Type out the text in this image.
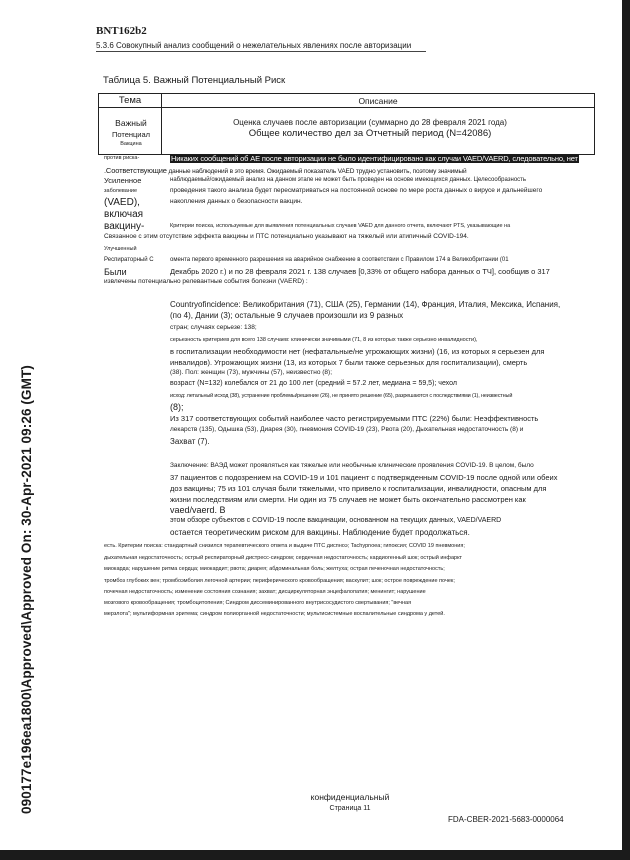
BNT162b2
5.3.6 Совокупный анализ сообщений о нежелательных явлениях после авторизации
090177e196ea1800\Approved\Approved On: 30-Apr-2021 09:26 (GMT)
Таблица 5. Важный Потенциальный Риск
Тема	Описание
Важный
Потенциал
Вакцина
Оценка случаев после авторизации (суммарно до 28 февраля 2021 года)
Общее количество дел за Отчетный период (N=42086)
против риска-
Усиленное
заболевание
(VAED),
включая
вакцину-
Улучшенный
Респираторный С
Были
Никаких сообщений об AE после авторизации не было идентифицировано как случаи VAED/VAERD, следовательно, нет
.Соответствующие данные наблюдений в это время. Ожидаемый показатель VAED трудно установить, поэтому значимый
наблюдаемый/ожидаемый анализ на данном этапе не может быть проведен на основе имеющихся данных. Целесообразность
проведения такого анализа будет пересматриваться на постоянной основе по мере роста данных о вирусе и дальнейшего
накопления данных о безопасности вакцин.
Критерии поиска, используемые для выявления потенциальных случаев VAED для данного отчета, включают PTS, указывающие на
Связанное с этим отсутствие эффекта вакцины и ПТС потенциально указывают на тяжелый или атипичный COVID-194.
омента первого временного разрешения на аварийное снабжение в соответствии с Правилом 174 в Великобритании (01
Декабрь 2020 г.) и по 28 февраля 2021 г. 138 случаев [0,33% от общего набора данных о ТЧ], сообщив о 317
извлечены потенциально релевантные события болезни (VAERD) :
Countryofincidence: Великобритания (71), США (25), Германии (14), Франция, Италия, Мексика, Испания,
(по 4), Дании (3); остальные 9 случаев произошли из 9 разных
стран; случаях серьезе: 138;
серьезность критериев для всего 138 случаев: клинически значимыми (71, 8 из которых также серьезно инвалидности),
в госпитализации необходимости нет (нефатальные/не угрожающих жизни) (16, из которых я серьезен для
инвалидов). Угрожающих жизни (13, из которых 7 были также серьезных для госпитализации), смерть
(38). Пол: женщин (73), мужчины (57), неизвестно (8);
возраст (N=132) колебался от 21 до 100 лет (средний = 57.2 лет, медиана = 59,5); чехол
исход: летальный исход (38), устранение проблемы/решение (26), не принято решение (65), разрешаются с последствиями (1), неизвестный
(8);
Из 317 соответствующих событий наиболее часто регистрируемыми ПТС (22%) были: Неэффективность
лекарств (135), Одышка (53), Диарея (30), пневмония COVID-19 (23), Рвота (20), Дыхательная недостаточность (8) и
Захват (7).
Заключение: ВАЭД может проявляться как тяжелые или необычные клинические проявления COVID-19. В целом, было
37 пациентов с подозрением на COVID-19 и 101 пациент с подтвержденным COVID-19 после одной или обеих
доз вакцины; 75 из 101 случая были тяжелыми, что привело к госпитализации, инвалидности, опасным для
жизни последствиям или смерти. Ни один из 75 случаев не может быть окончательно рассмотрен как
vaed/vaerd. В
этом обзоре субъектов с COVID-19 после вакцинации, основанном на текущих данных, VAED/VAERD
остается теоретическим риском для вакцины. Наблюдение будет продолжаться.
есть. Критерии поиска: стандартный снизился терапевтического ответа и выдаче ПТС диспноэ; Tachypnoea; гипоксия; COVID 19 пневмония;
дыхательная недостаточность; острый респираторный дистресс-синдром; сердечная недостаточность; кардиогенный шок; острый инфаркт
миокарда; нарушение ритма сердца; миокардит; рвота; диарея; абдоминальная боль; желтуха; острая печеночная недостаточность;
тромбоз глубоких вен; тромбоэмболия легочной артерии; периферического кровообращения; васкулит; шок; острое повреждение почек;
почечная недостаточность; изменение состояния сознания; захват; дисциркуляторная энцефалопатия; менингит; нарушение
мозгового кровообращения; тромбоцитопения; Синдром диссеминированного внутрисосудистого свертывания; "вечная
мерзлота"; мультиформная эритема; синдром полиорганной недостаточности; мультисистемные воспалительные синдрома у детей.
конфиденциальный
Страница 11
FDA-CBER-2021-5683-0000064
